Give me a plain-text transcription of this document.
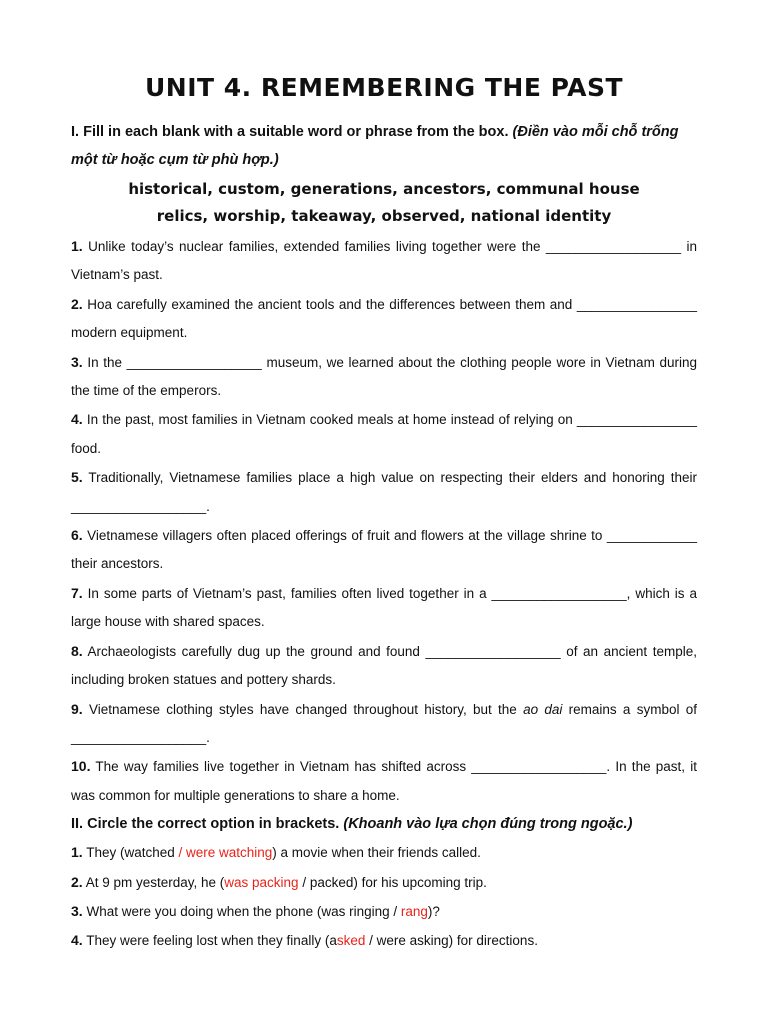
UNIT 4. REMEMBERING THE PAST
I. Fill in each blank with a suitable word or phrase from the box. (Điền vào mỗi chỗ trống một từ hoặc cụm từ phù hợp.)
historical, custom, generations, ancestors, communal house
relics, worship, takeaway, observed, national identity

1. Unlike today’s nuclear families, extended families living together were the __________________ in Vietnam’s past.

2. Hoa carefully examined the ancient tools and the differences between them and ________________ modern equipment.

3. In the __________________ museum, we learned about the clothing people wore in Vietnam during the time of the emperors.

4. In the past, most families in Vietnam cooked meals at home instead of relying on ________________ food.

5. Traditionally, Vietnamese families place a high value on respecting their elders and honoring their __________________.

6. Vietnamese villagers often placed offerings of fruit and flowers at the village shrine to ____________ their ancestors.

7. In some parts of Vietnam’s past, families often lived together in a __________________, which is a large house with shared spaces.

8. Archaeologists carefully dug up the ground and found __________________ of an ancient temple, including broken statues and pottery shards.

9. Vietnamese clothing styles have changed throughout history, but the ao dai remains a symbol of __________________.

10. The way families live together in Vietnam has shifted across __________________. In the past, it was common for multiple generations to share a home.

II. Circle the correct option in brackets. (Khoanh vào lựa chọn đúng trong ngoặc.)

1. They (watched / were watching) a movie when their friends called.

2. At 9 pm yesterday, he (was packing / packed) for his upcoming trip.

3. What were you doing when the phone (was ringing / rang)?

4. They were feeling lost when they finally (asked / were asking) for directions.
